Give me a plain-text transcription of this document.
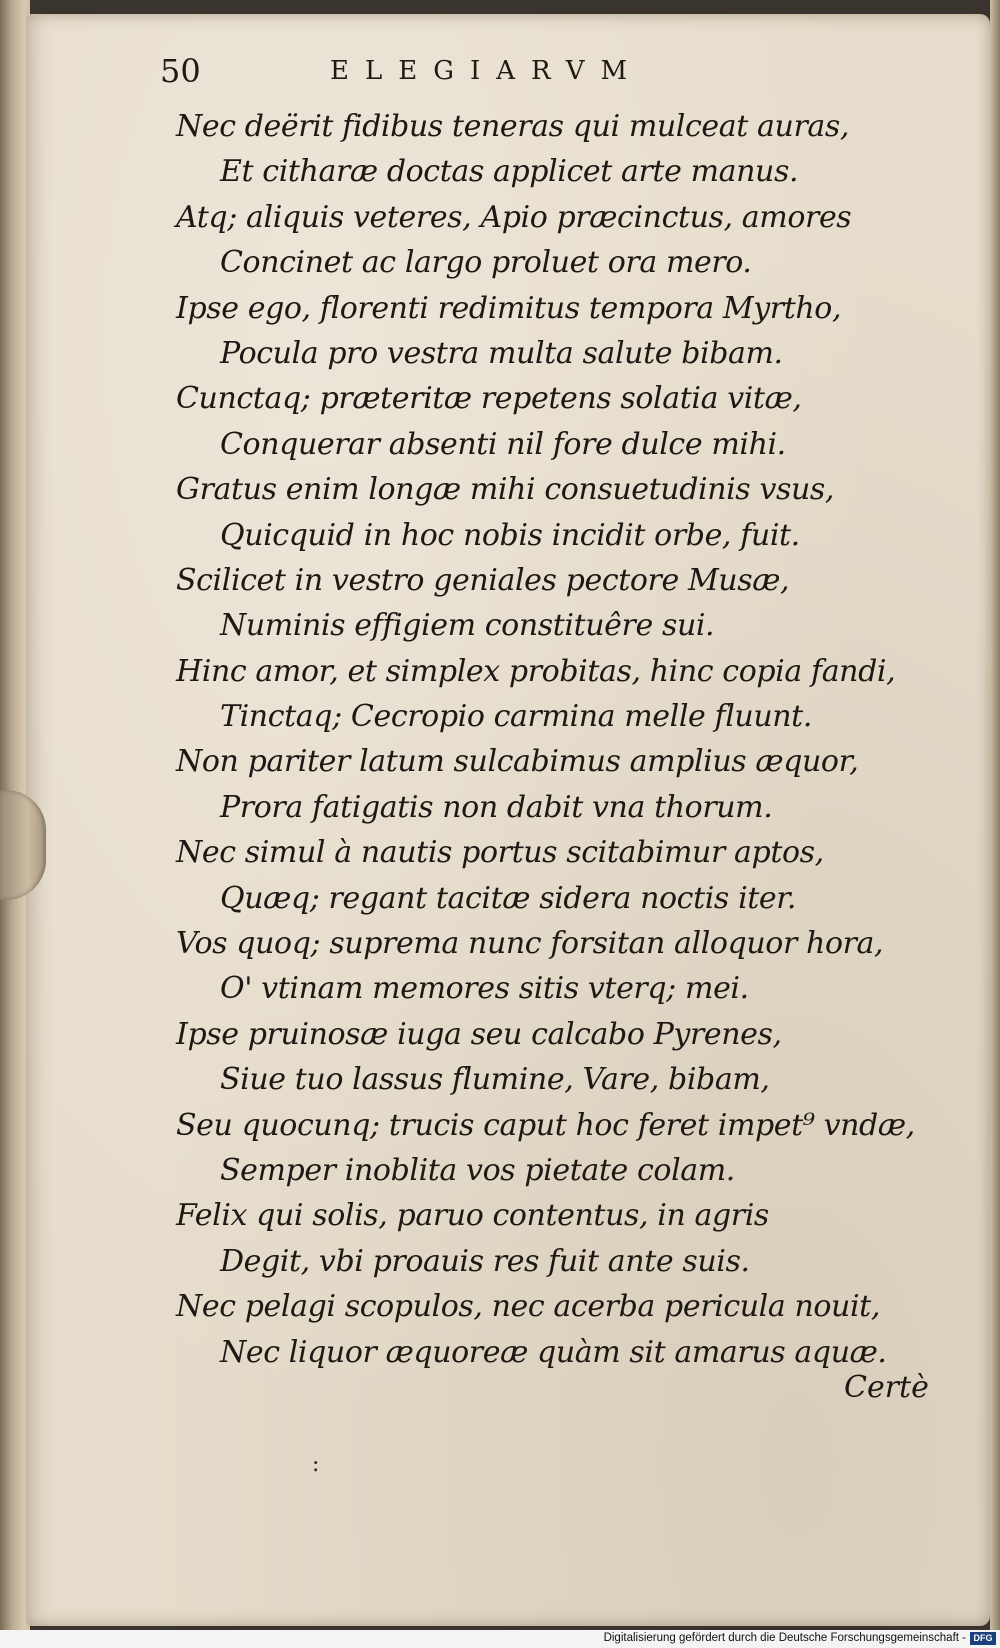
50	ELEGIARVM
Nec deërit fidibus teneras qui mulceat auras,
Et citharæ doctas applicet arte manus.
Atq; aliquis veteres, Apio præcinctus, amores
Concinet ac largo proluet ora mero.
Ipse ego, florenti redimitus tempora Myrtho,
Pocula pro vestra multa salute bibam.
Cunctaq; præteritæ repetens solatia vitæ,
Conquerar absenti nil fore dulce mihi.
Gratus enim longæ mihi consuetudinis vsus,
Quicquid in hoc nobis incidit orbe, fuit.
Scilicet in vestro geniales pectore Musæ,
Numinis effigiem constituêre sui.
Hinc amor, et simplex probitas, hinc copia fandi,
Tinctaq; Cecropio carmina melle fluunt.
Non pariter latum sulcabimus amplius æquor,
Prora fatigatis non dabit vna thorum.
Nec simul à nautis portus scitabimur aptos,
Quæq; regant tacitæ sidera noctis iter.
Vos quoq; suprema nunc forsitan alloquor hora,
O' vtinam memores sitis vterq; mei.
Ipse pruinosæ iuga seu calcabo Pyrenes,
Siue tuo lassus flumine, Vare, bibam,
Seu quocunq; trucis caput hoc feret impet⁹ vndæ,
Semper inoblita vos pietate colam.
Felix qui solis, paruo contentus, in agris
Degit, vbi proauis res fuit ante suis.
Nec pelagi scopulos, nec acerba pericula nouit,
Nec liquor æquoreæ quàm sit amarus aquæ.
Certè
:
Digitalisierung gefördert durch die Deutsche Forschungsgemeinschaft - DFG
